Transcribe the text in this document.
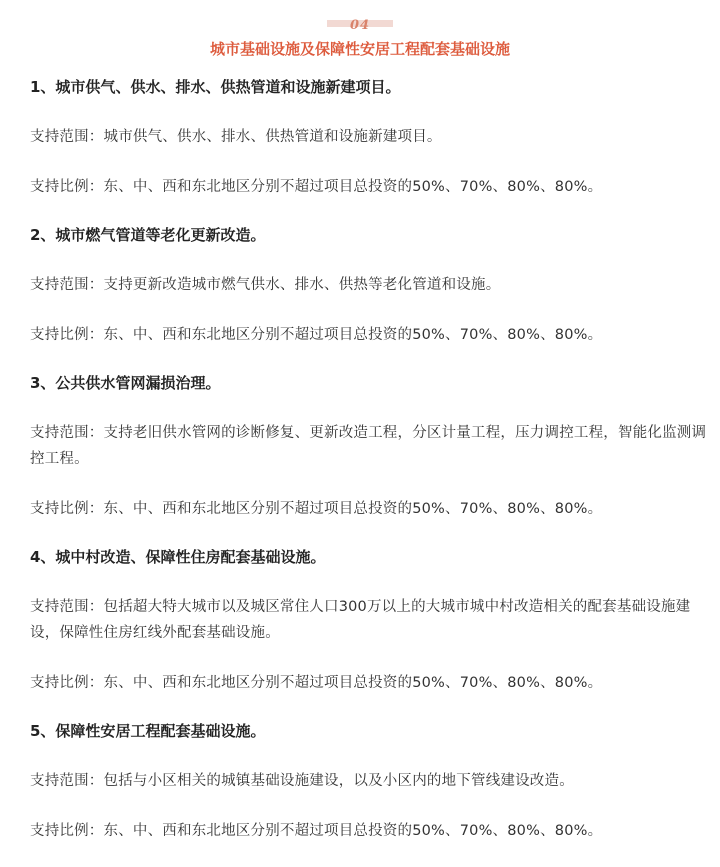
04
城市基础设施及保障性安居工程配套基础设施

1、城市供气、供水、排水、供热管道和设施新建项目。

支持范围：城市供气、供水、排水、供热管道和设施新建项目。

支持比例：东、中、西和东北地区分别不超过项目总投资的50%、70%、80%、80%。

2、城市燃气管道等老化更新改造。

支持范围：支持更新改造城市燃气供水、排水、供热等老化管道和设施。

支持比例：东、中、西和东北地区分别不超过项目总投资的50%、70%、80%、80%。

3、公共供水管网漏损治理。

支持范围：支持老旧供水管网的诊断修复、更新改造工程，分区计量工程，压力调控工程，智能化监测调控工程。

支持比例：东、中、西和东北地区分别不超过项目总投资的50%、70%、80%、80%。

4、城中村改造、保障性住房配套基础设施。

支持范围：包括超大特大城市以及城区常住人口300万以上的大城市城中村改造相关的配套基础设施建设，保障性住房红线外配套基础设施。

支持比例：东、中、西和东北地区分别不超过项目总投资的50%、70%、80%、80%。

5、保障性安居工程配套基础设施。

支持范围：包括与小区相关的城镇基础设施建设，以及小区内的地下管线建设改造。

支持比例：东、中、西和东北地区分别不超过项目总投资的50%、70%、80%、80%。
